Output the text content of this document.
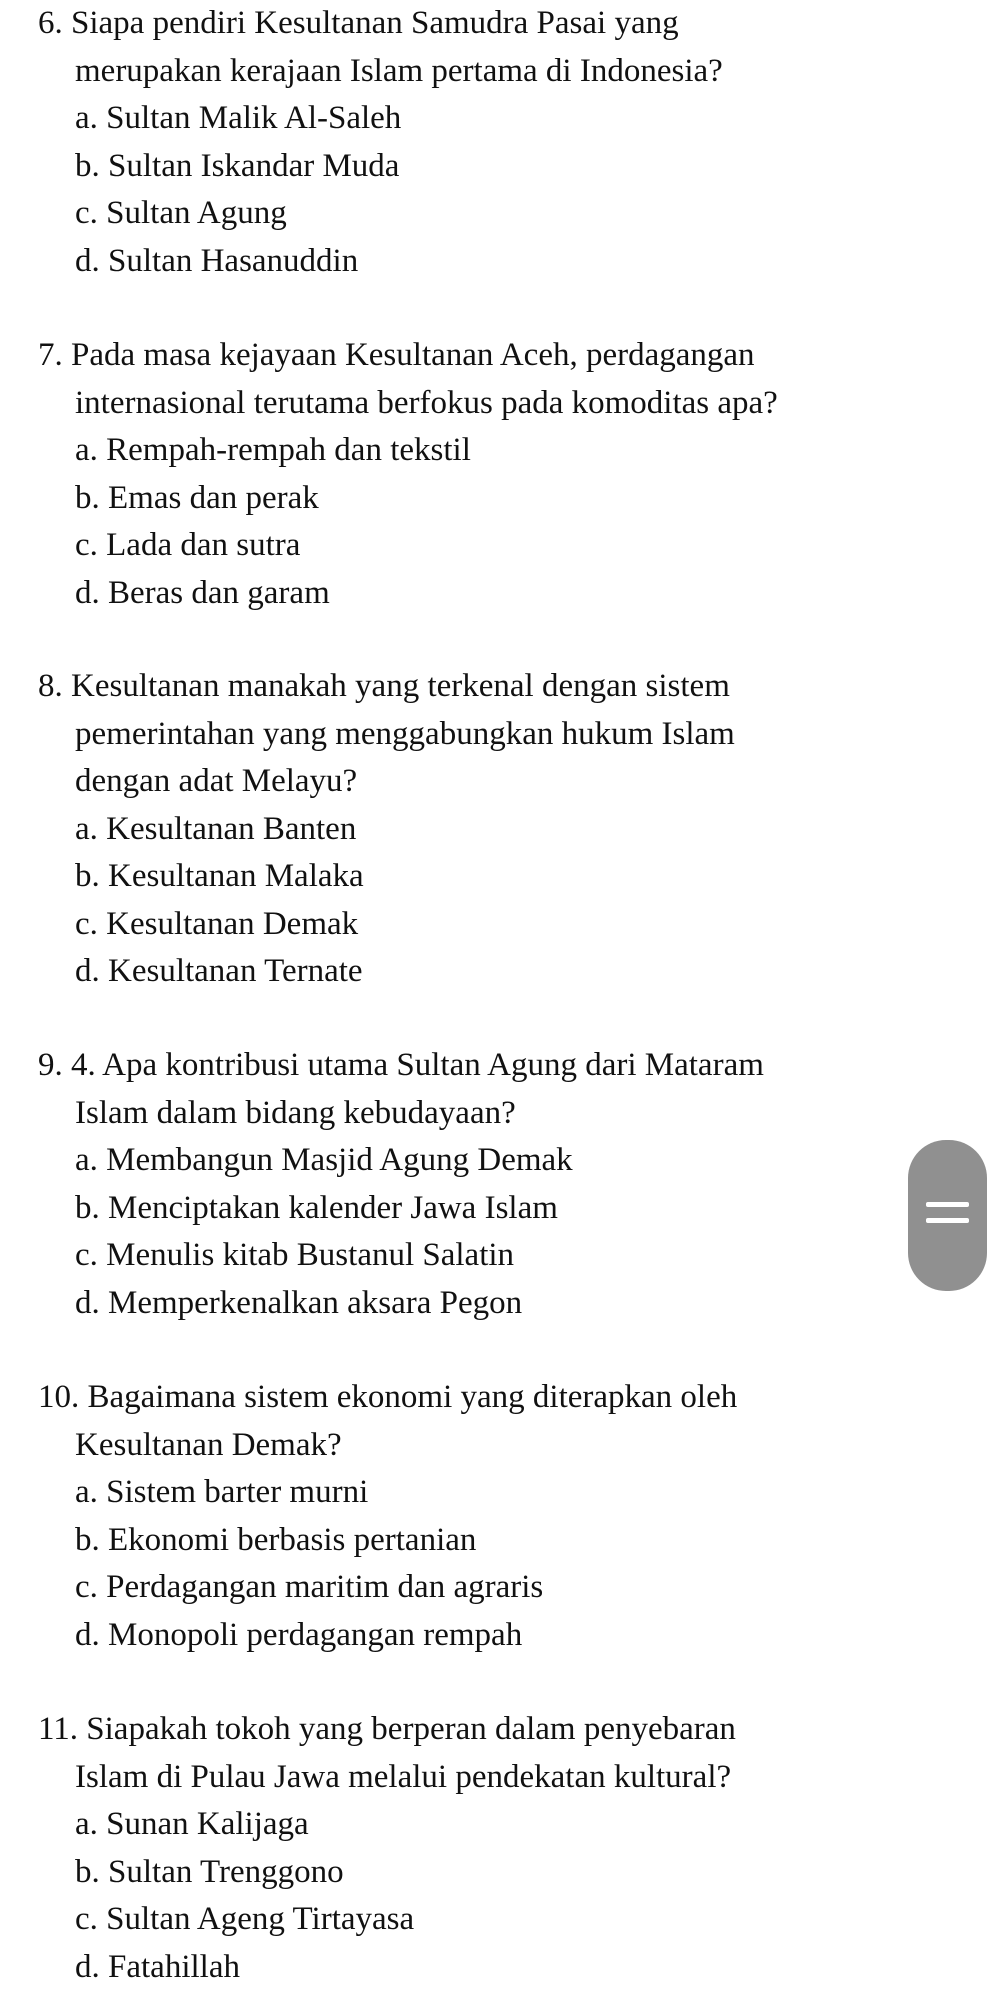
6. Siapa pendiri Kesultanan Samudra Pasai yang
merupakan kerajaan Islam pertama di Indonesia?
a. Sultan Malik Al-Saleh
b. Sultan Iskandar Muda
c. Sultan Agung
d. Sultan Hasanuddin
7. Pada masa kejayaan Kesultanan Aceh, perdagangan
internasional terutama berfokus pada komoditas apa?
a. Rempah-rempah dan tekstil
b. Emas dan perak
c. Lada dan sutra
d. Beras dan garam
8. Kesultanan manakah yang terkenal dengan sistem
pemerintahan yang menggabungkan hukum Islam
dengan adat Melayu?
a. Kesultanan Banten
b. Kesultanan Malaka
c. Kesultanan Demak
d. Kesultanan Ternate
9. 4. Apa kontribusi utama Sultan Agung dari Mataram
Islam dalam bidang kebudayaan?
a. Membangun Masjid Agung Demak
b. Menciptakan kalender Jawa Islam
c. Menulis kitab Bustanul Salatin
d. Memperkenalkan aksara Pegon
10. Bagaimana sistem ekonomi yang diterapkan oleh
Kesultanan Demak?
a. Sistem barter murni
b. Ekonomi berbasis pertanian
c. Perdagangan maritim dan agraris
d. Monopoli perdagangan rempah
11. Siapakah tokoh yang berperan dalam penyebaran
Islam di Pulau Jawa melalui pendekatan kultural?
a. Sunan Kalijaga
b. Sultan Trenggono
c. Sultan Ageng Tirtayasa
d. Fatahillah
